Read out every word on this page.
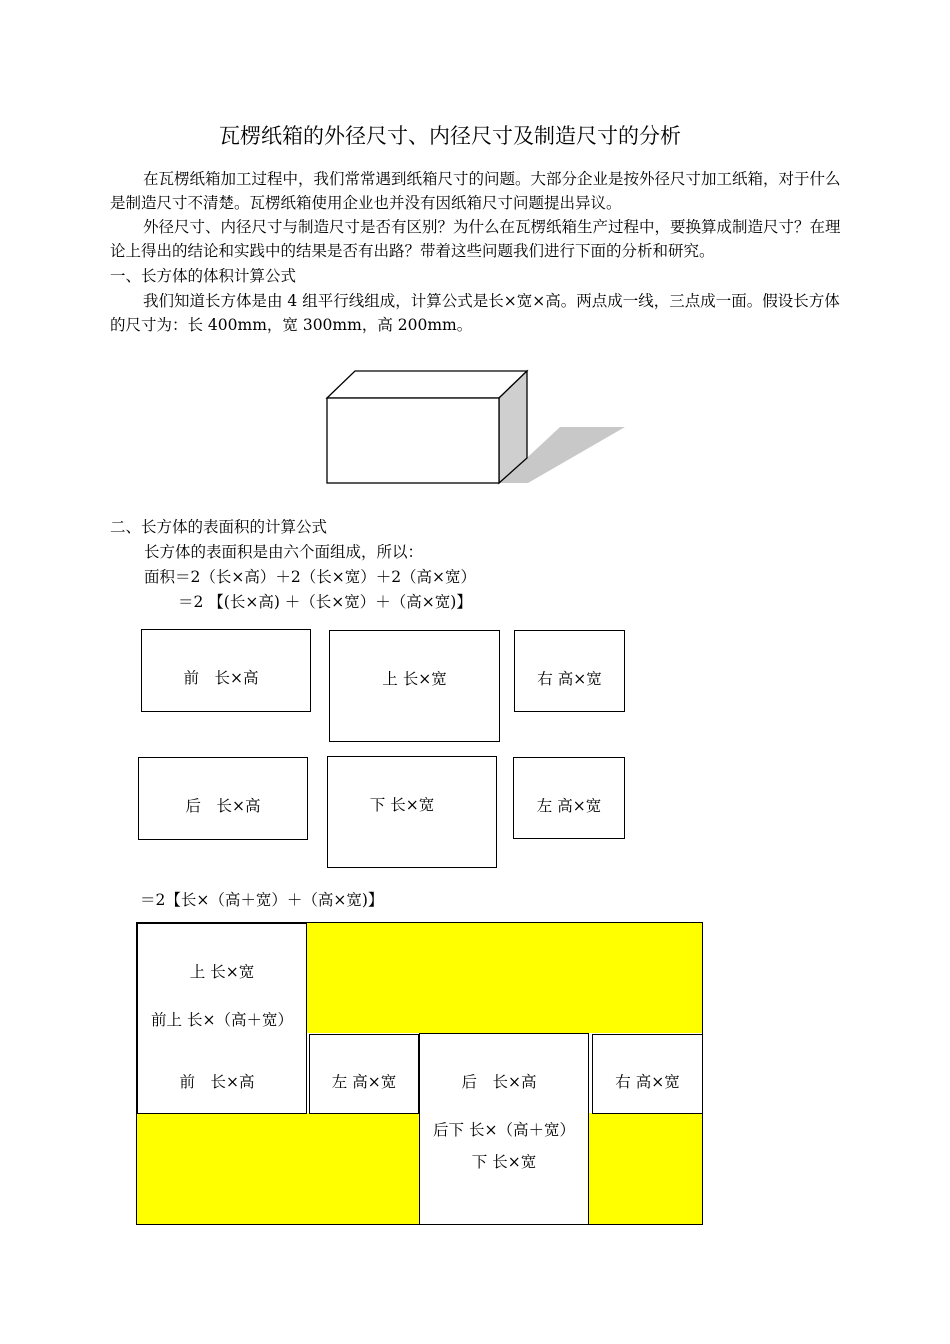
瓦楞纸箱的外径尺寸、内径尺寸及制造尺寸的分析

在瓦楞纸箱加工过程中，我们常常遇到纸箱尺寸的问题。大部分企业是按外径尺寸加工纸箱，对于什么是制造尺寸不清楚。瓦楞纸箱使用企业也并没有因纸箱尺寸问题提出异议。

外径尺寸、内径尺寸与制造尺寸是否有区别？为什么在瓦楞纸箱生产过程中，要换算成制造尺寸？在理论上得出的结论和实践中的结果是否有出路？带着这些问题我们进行下面的分析和研究。

一、长方体的体积计算公式

我们知道长方体是由 4 组平行线组成，计算公式是长×宽×高。两点成一线，三点成一面。假设长方体的尺寸为：长 400mm，宽 300mm，高 200mm。

二、长方体的表面积的计算公式
长方体的表面积是由六个面组成，所以：
面积＝2（长×高）＋2（长×宽）＋2（高×宽）
＝2 【(长×高) ＋（长×宽）＋（高×宽)】
前　长×高	上 长×宽	右 高×宽
后　长×高	下 长×宽	左 高×宽
＝2【长×（高＋宽）＋（高×宽)】
上 长×宽
前上 长×（高＋宽）
前　长×高	左 高×宽	后　长×高
后下 长×（高＋宽）
下 长×宽
右 高×宽
